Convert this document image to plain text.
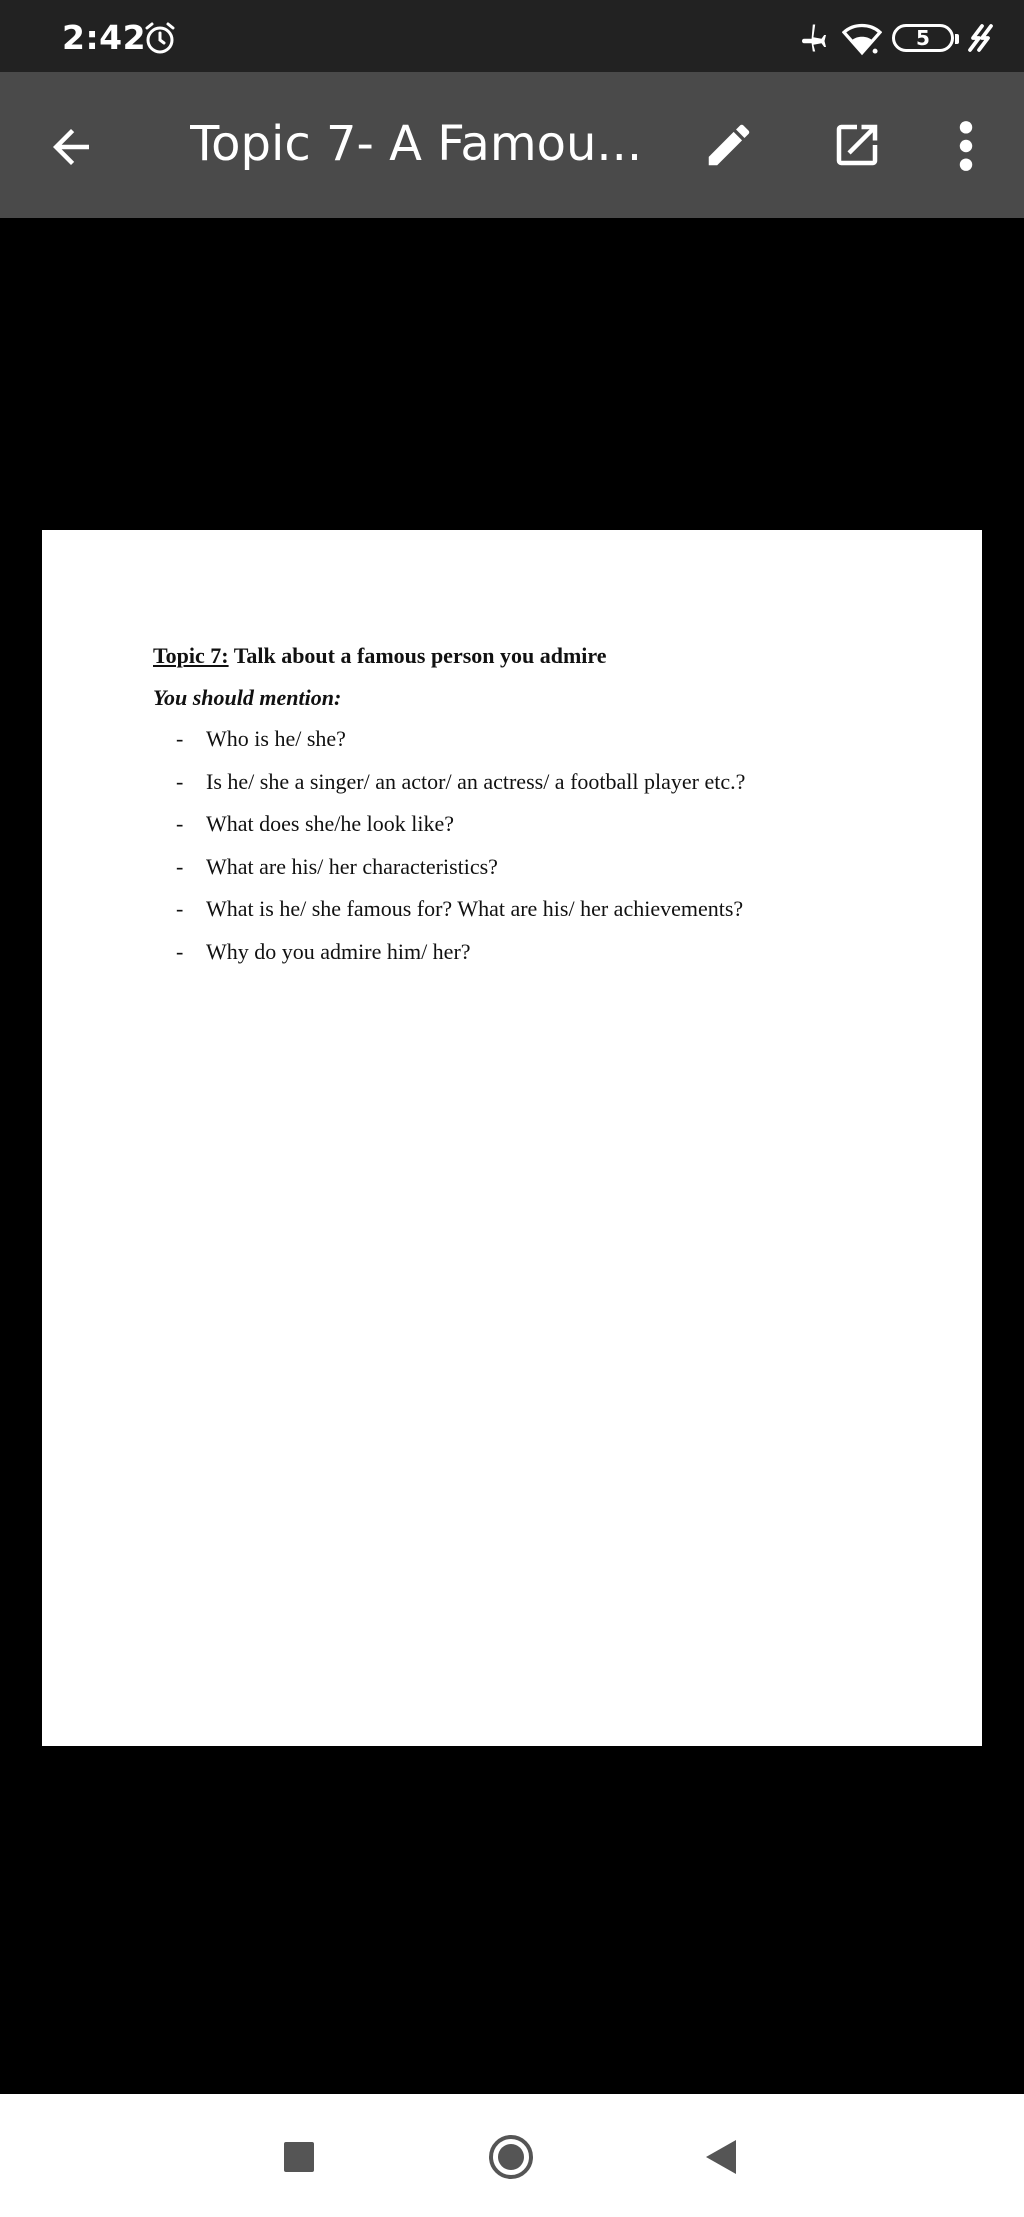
2:42	5
Topic 7- A Famou...
Topic 7: Talk about a famous person you admire
You should mention:
- Who is he/ she?
- Is he/ she a singer/ an actor/ an actress/ a football player etc.?
- What does she/he look like?
- What are his/ her characteristics?
- What is he/ she famous for? What are his/ her achievements?
- Why do you admire him/ her?
